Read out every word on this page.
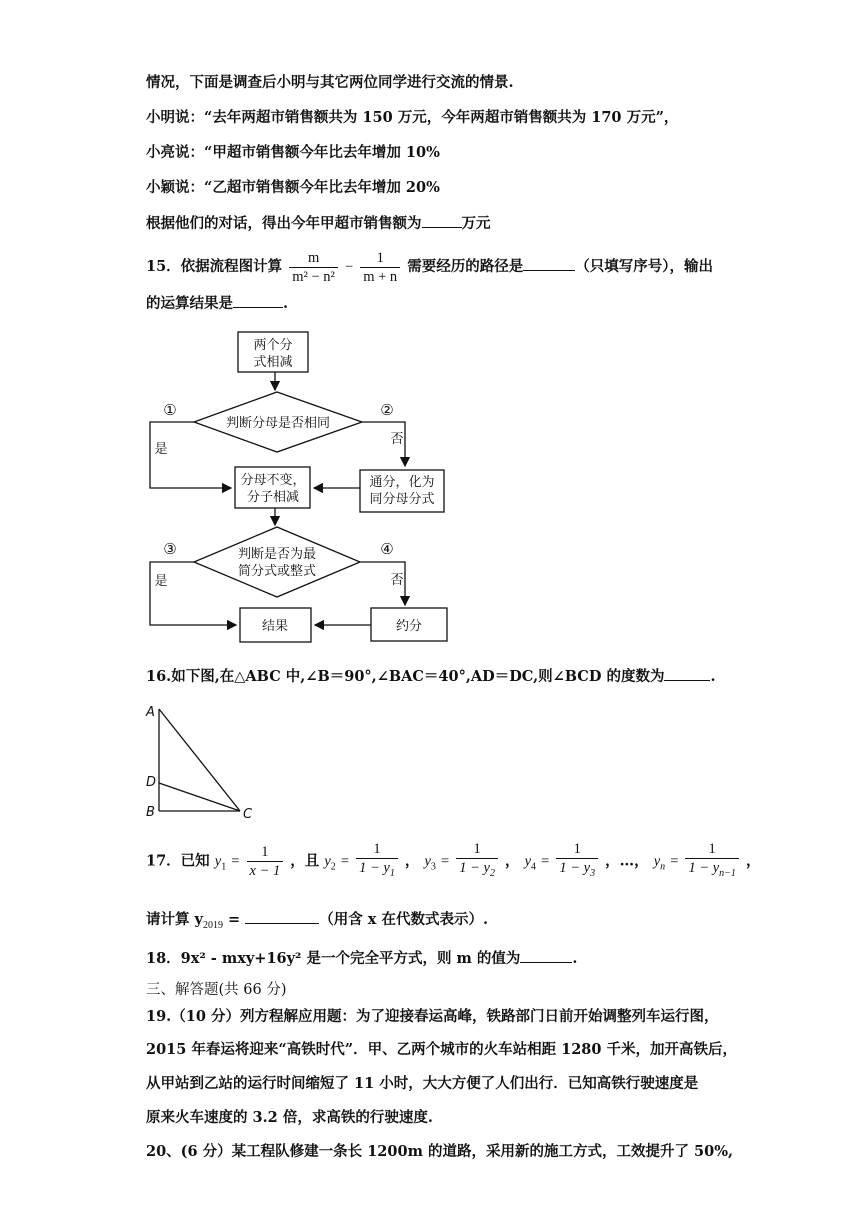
情况，下面是调查后小明与其它两位同学进行交流的情景.
小明说：“去年两超市销售额共为 150 万元，今年两超市销售额共为 170 万元”，
小亮说：“甲超市销售额今年比去年增加 10%
小颖说：“乙超市销售额今年比去年增加 20%
根据他们的对话，得出今年甲超市销售额为	万元
15．依据流程图计算 $\frac{m}{\text{m² − n²}} - \frac{1}{m + n}$ 需要经历的路径是	（只填写序号），输出
的运算结果是	.
两个分
式相减
判断分母是否相同
①	②
是
否
分母不变，
分子相减
通分，化为
同分母分式
判断是否为最
简分式或整式
③	④
是	否
结果	约分
16.如下图,在△ABC 中,∠B＝90°,∠BAC＝40°,AD＝DC,则∠BCD 的度数为	.
A
D
B	C
17．已知 $y_1 = \frac{1}{x - 1}$ ，且 $y_2 = \frac{1}{1 - y_1}$ ， $y_3 = \frac{1}{1 - y_2}$ ， $y_4 = \frac{1}{1 - y_3}$ ，…， $y_n = \frac{1}{1 - y_{n-1}}$ ，
请计算 $y_{2019}$ =	（用含 x 在代数式表示）.
18．9x² - mxy+16y² 是一个完全平方式，则 m 的值为	.
三、解答题(共 66 分)
19.（10 分）列方程解应用题：为了迎接春运高峰，铁路部门日前开始调整列车运行图，
2015 年春运将迎来“高铁时代”．甲、乙两个城市的火车站相距 1280 千米，加开高铁后，
从甲站到乙站的运行时间缩短了 11 小时，大大方便了人们出行．已知高铁行驶速度是
原来火车速度的 3.2 倍，求高铁的行驶速度.
20、(6 分）某工程队修建一条长 1200m 的道路，采用新的施工方式，工效提升了 50%,
